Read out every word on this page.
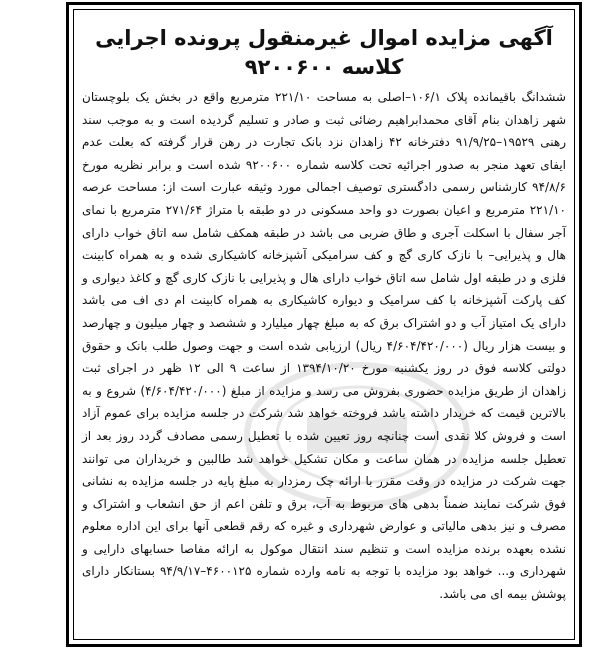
آگهی مزایده اموال غیرمنقول پرونده اجرایی
کلاسه ۹۲۰۰۶۰۰

ششدانگ باقیمانده پلاک ۱۰۶/۱–اصلی به مساحت ۲۲۱/۱۰ مترمربع واقع در بخش یک بلوچستان شهر زاهدان بنام آقای محمدابراهیم رضائی ثبت و صادر و تسلیم گردیده است و به موجب سند رهنی ۱۹۵۲۹–۹۱/۹/۲۵ دفترخانه ۴۲ زاهدان نزد بانک تجارت در رهن قرار گرفته که بعلت عدم ایفای تعهد منجر به صدور اجرائیه تحت کلاسه شماره ۹۲۰۰۶۰۰ شده است و برابر نظریه مورخ ۹۴/۸/۶ کارشناس رسمی دادگستری توصیف اجمالی مورد وثیقه عبارت است از: مساحت عرصه ۲۲۱/۱۰ مترمربع و اعیان بصورت دو واحد مسکونی در دو طبقه با متراژ ۲۷۱/۶۴ مترمربع با نمای آجر سفال با اسکلت آجری و طاق ضربی می باشد در طبقه همکف شامل سه اتاق خواب دارای هال و پذیرایی– با نازک کاری گچ و کف سرامیکی آشپزخانه کاشیکاری شده و به همراه کابینت فلزی و در طبقه اول شامل سه اتاق خواب دارای هال و پذیرایی با نازک کاری گچ و کاغذ دیواری و کف پارکت آشپزخانه با کف سرامیک و دیواره کاشیکاری به همراه کابینت ام دی اف می باشد دارای یک امتیاز آب و دو اشتراک برق که به مبلغ چهار میلیارد و ششصد و چهار میلیون و چهارصد و بیست هزار ریال (۴/۶۰۴/۴۲۰/۰۰۰ ریال) ارزیابی شده است و جهت وصول طلب بانک و حقوق دولتی کلاسه فوق در روز یکشنبه مورخ ۱۳۹۴/۱۰/۲۰ از ساعت ۹ الی ۱۲ ظهر در اجرای ثبت زاهدان از طریق مزایده حضوری بفروش می رسد و مزایده از مبلغ (۴/۶۰۴/۴۲۰/۰۰۰) شروع و به بالاترین قیمت که خریدار داشته باشد فروخته خواهد شد شرکت در جلسه مزایده برای عموم آزاد است و فروش کلا نقدی است چنانچه روز تعیین شده با تعطیل رسمی مصادف گردد روز بعد از تعطیل جلسه مزایده در همان ساعت و مکان تشکیل خواهد شد طالبین و خریداران می توانند جهت شرکت در مزایده در وقت مقرر با ارائه چک رمزدار به مبلغ پایه در جلسه مزایده به نشانی فوق شرکت نمایند ضمناً بدهی های مربوط به آب، برق و تلفن اعم از حق انشعاب و اشتراک و مصرف و نیز بدهی مالیاتی و عوارض شهرداری و غیره که رقم قطعی آنها برای این اداره معلوم نشده بعهده برنده مزایده است و تنظیم سند انتقال موکول به ارائه مفاصا حسابهای دارایی و شهرداری و... خواهد بود مزایده با توجه به نامه وارده شماره ۴۶۰۰۱۲۵–۹۴/۹/۱۷ بستانکار دارای پوشش بیمه ای می باشد.
